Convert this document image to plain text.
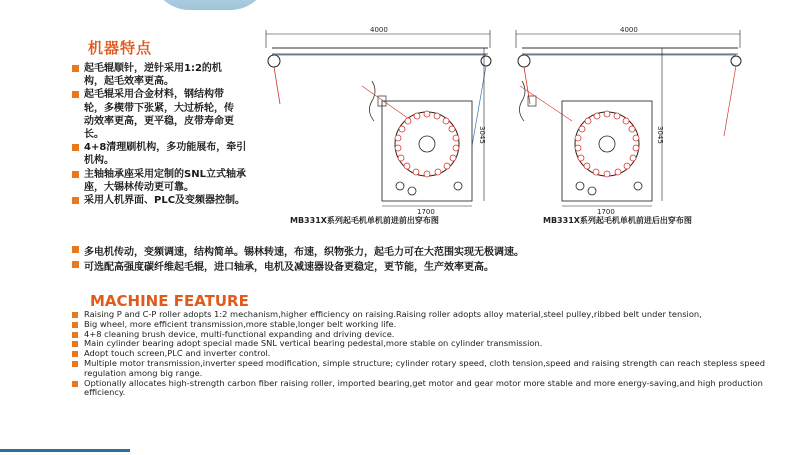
机器特点

起毛辊顺针，逆针采用1:2的机构，起毛效率更高。

起毛辊采用合金材料，钢结构带轮，多楔带下张紧，大过桥轮，传动效率更高，更平稳，皮带寿命更长。

4+8清理刷机构，多功能展布，牵引机构。

主轴轴承座采用定制的SNL立式轴承座，大锡林传动更可靠。

采用人机界面、PLC及变频器控制。

多电机传动，变频调速，结构简单。锡林转速，布速，织物张力，起毛力可在大范围实现无极调速。
可选配高强度碳纤维起毛辊，进口轴承，电机及减速器设备更稳定，更节能，生产效率更高。
4000
3045
1700
MB331X系列起毛机单机前进前出穿布图
4000
3045
1700
MB331X系列起毛机单机前进后出穿布图
MACHINE FEATURE

Raising P and C-P roller adopts 1:2 mechanism,higher efficiency on raising.Raising roller adopts alloy material,steel pulley,ribbed belt under tension,

Big wheel, more efficient transmission,more stable,longer belt working life.

4+8 cleaning brush device, multi-functional expanding and driving device.

Main cylinder bearing adopt special made SNL vertical bearing pedestal,more stable on cylinder transmission.

Adopt touch screen,PLC and inverter control.

Multiple motor transmission,inverter speed modification, simple structure; cylinder rotary speed, cloth tension,speed and raising strength can reach stepless speed regulation among big range.

Optionally allocates high-strength carbon fiber raising roller, imported bearing,get motor and gear motor more stable and more energy-saving,and high production efficiency.
